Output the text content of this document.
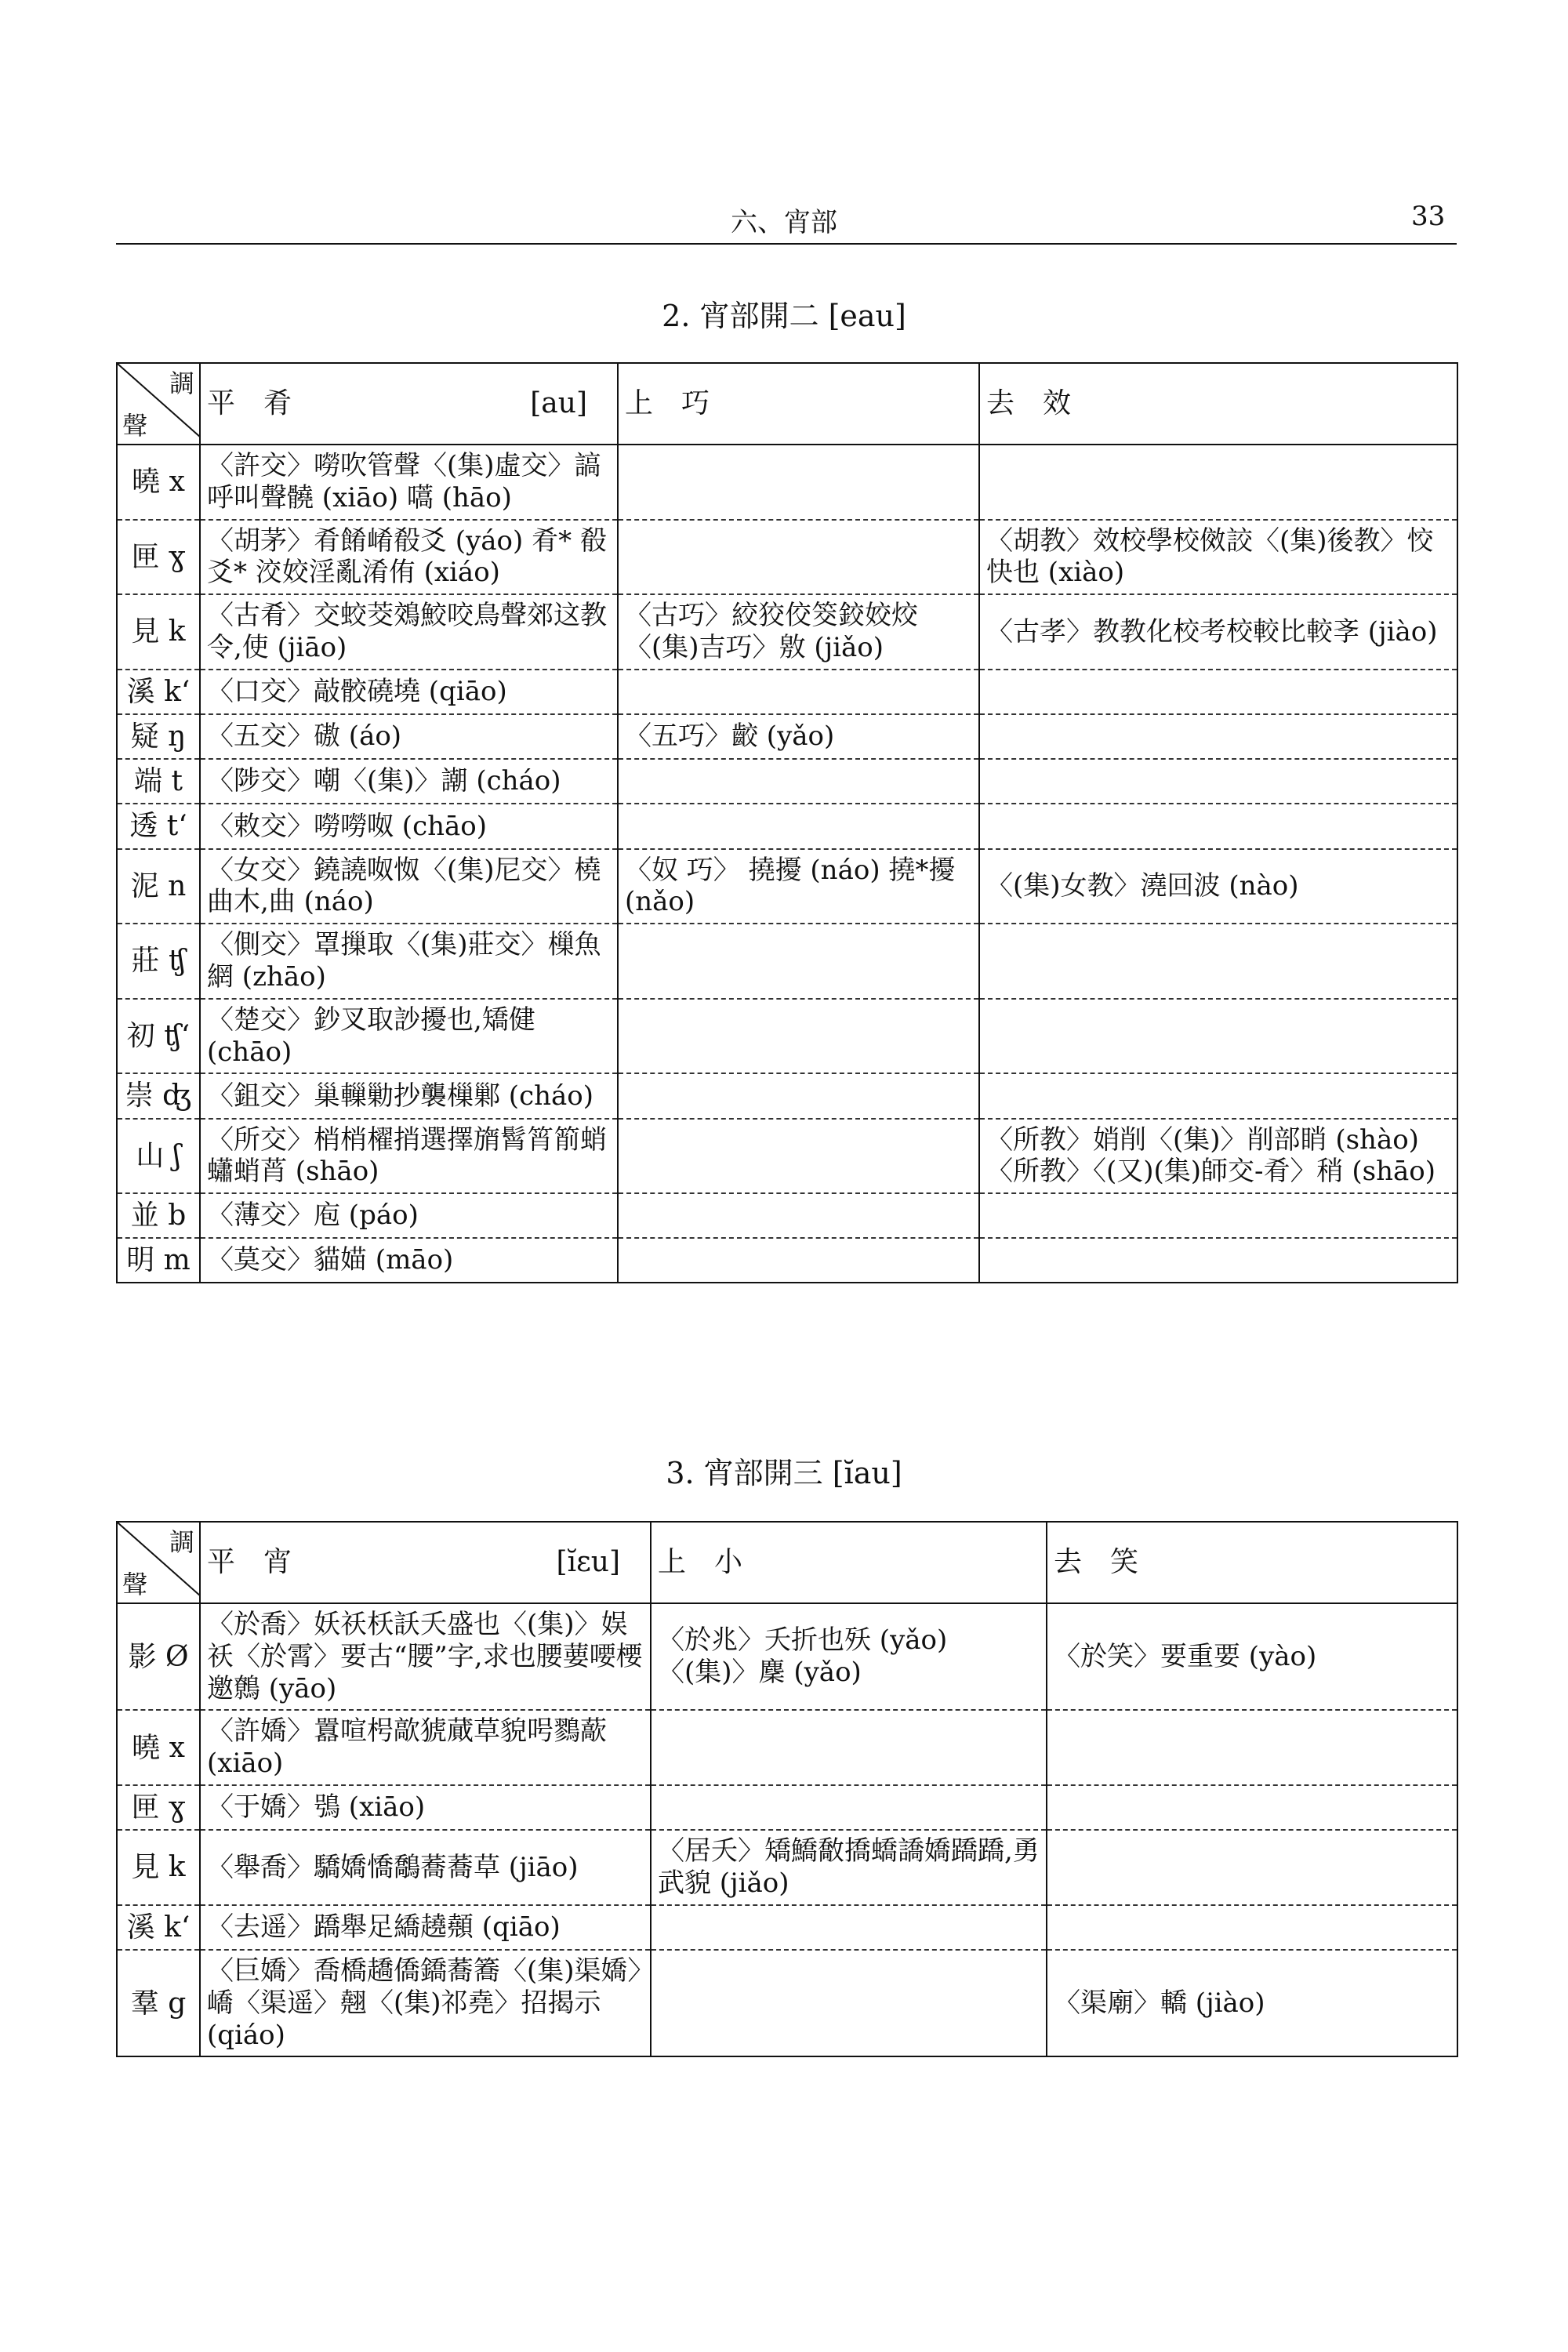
六、宵部	33
2. 宵部開二 [eau]
調
聲	平　肴 [au]	上　巧	去　效
曉 x	〈許交〉嘮吹管聲〈(集)虛交〉謞呼叫聲髐 (xiāo) 嚆 (hāo)		
匣 ɣ	〈胡茅〉肴餚崤殽爻 (yáo) 肴* 殽爻* 洨姣淫亂淆侑 (xiáo)		〈胡教〉效校學校傚詨〈(集)後教〉恔快也 (xiào)
見 k	〈古肴〉交蛟茭鵁鮫咬鳥聲郊这教令,使 (jiāo)	〈古巧〉絞狡佼筊鉸姣烄〈(集)吉巧〉敫 (jiǎo)	〈古孝〉教教化校考校較比較斈 (jiào)
溪 kʻ	〈口交〉敲骹磽墝 (qiāo)		
疑 ŋ	〈五交〉磝 (áo)	〈五巧〉齩 (yǎo)	
端 t	〈陟交〉嘲〈(集)〉謿 (cháo)		
透 tʻ	〈敕交〉嘮嘮呶 (chāo)		
泥 n	〈女交〉鐃譊呶怓〈(集)尼交〉橈曲木,曲 (náo)	〈奴 巧〉 撓擾 (náo) 撓*擾 (nǎo)	〈(集)女教〉澆回波 (nào)
莊 ʧ	〈側交〉罩摷取〈(集)莊交〉樔魚網 (zhāo)		
初 ʧʻ	〈楚交〉鈔叉取訬擾也,矯健 (chāo)		
崇 ʤ	〈鉏交〉巢轈勦抄襲樔鄛 (cháo)		
山 ʃ	〈所交〉梢梢櫂捎選擇旓髾筲箾蛸蠨蛸莦 (shāo)		〈所教〉娋削〈(集)〉削部睄 (shào)〈所教〉〈(又)(集)師交-肴〉稍 (shāo)
並 b	〈薄交〉庖 (páo)		
明 m	〈莫交〉貓媌 (māo)		
3. 宵部開三 [ĭau]
調
聲	平　宵 [ĭɛu]	上　小	去　笑
影 Ø	〈於喬〉妖祅枖訞夭盛也〈(集)〉娱祅〈於霄〉要古“腰”字,求也腰葽喓楆邀鷯 (yāo)	〈於兆〉夭折也殀 (yǎo) 〈(集)〉麇 (yǎo)	〈於笑〉要重要 (yào)
曉 x	〈許嬌〉囂喧枵歊猇蕆草貌呺鷚藃 (xiāo)		
匣 ɣ	〈于嬌〉鴞 (xiāo)		
見 k	〈舉喬〉驕嬌憍鷮蕎蕎草 (jiāo)	〈居夭〉矯鱎敿撟蟜譑嬌蹻蹻,勇武貌 (jiǎo)	
溪 kʻ	〈去遥〉蹻舉足繑趬顤 (qiāo)		
羣 g	〈巨嬌〉喬橋趫僑鐈蕎簥〈(集)渠嬌〉嶠〈渠遥〉翹〈(集)祁堯〉招揭示 (qiáo)		〈渠廟〉轎 (jiào)
